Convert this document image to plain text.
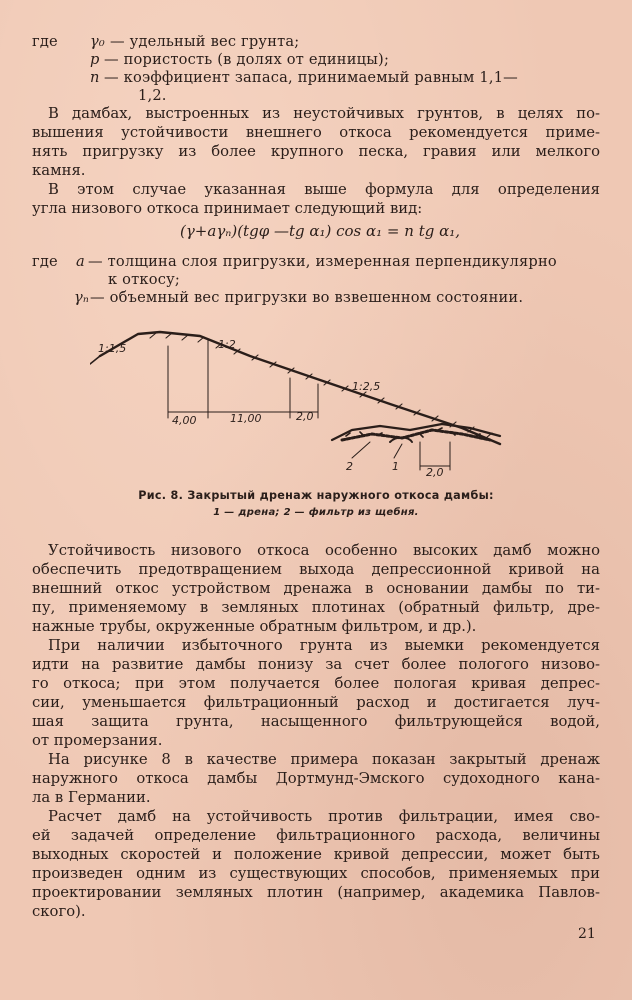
где γ₀ — удельный вес грунта;
p — пористость (в долях от единицы);
n — коэффициент запаса, принимаемый равным 1,1—
1,2.
В дамбах, выстроенных из неустойчивых грунтов, в целях по-
вышения устойчивости внешнего откоса рекомендуется приме-
нять пригрузку из более крупного песка, гравия или мелкого
камня.
В этом случае указанная выше формула для определения
угла низового откоса принимает следующий вид:
(γ+aγₙ)(tgφ —tg α₁) cos α₁ = n tg α₁,
где a — толщина слоя пригрузки, измеренная перпендикулярно
к откосу;
γₙ — объемный вес пригрузки во взвешенном состоянии.
1:1,5	1:2
1:2,5
4,00	11,00	2,0
2,0
1
2
Рис. 8. Закрытый дренаж наружного откоса дамбы:
1 — дрена; 2 — фильтр из щебня.
Устойчивость низового откоса особенно высоких дамб можно
обеспечить предотвращением выхода депрессионной кривой на
внешний откос устройством дренажа в основании дамбы по ти-
пу, применяемому в земляных плотинах (обратный фильтр, дре-
нажные трубы, окруженные обратным фильтром, и др.).
При наличии избыточного грунта из выемки рекомендуется
идти на развитие дамбы понизу за счет более пологого низово-
го откоса; при этом получается более пологая кривая депрес-
сии, уменьшается фильтрационный расход и достигается луч-
шая защита грунта, насыщенного фильтрующейся водой,
от промерзания.
На рисунке 8 в качестве примера показан закрытый дренаж
наружного откоса дамбы Дортмунд-Эмского судоходного кана-
ла в Германии.
Расчет дамб на устойчивость против фильтрации, имея сво-
ей задачей определение фильтрационного расхода, величины
выходных скоростей и положение кривой депрессии, может быть
произведен одним из существующих способов, применяемых при
проектировании земляных плотин (например, академика Павлов-
ского).
21
